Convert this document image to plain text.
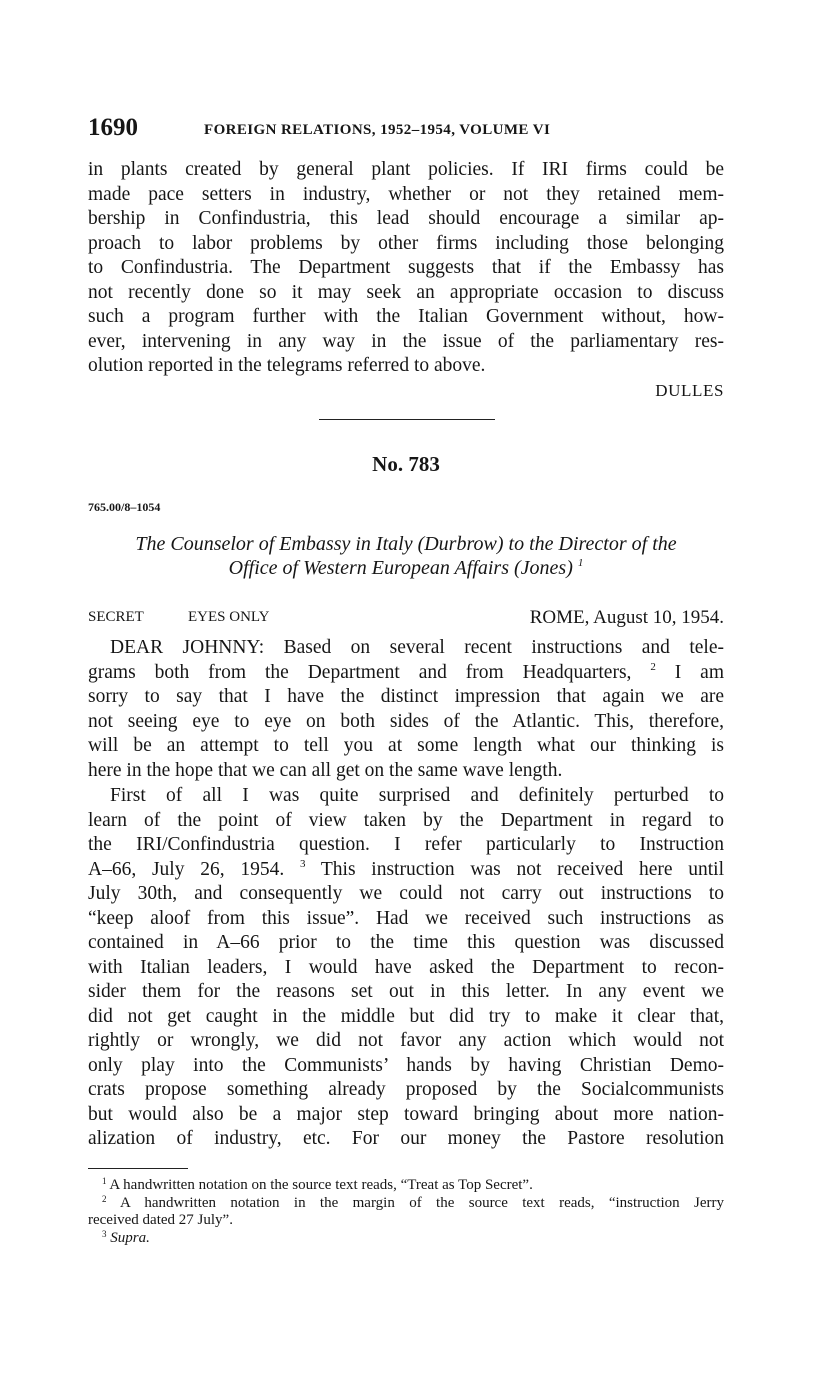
1690	FOREIGN RELATIONS, 1952–1954, VOLUME VI
in plants created by general plant policies. If IRI firms could be
made pace setters in industry, whether or not they retained mem-
bership in Confindustria, this lead should encourage a similar ap-
proach to labor problems by other firms including those belonging
to Confindustria. The Department suggests that if the Embassy has
not recently done so it may seek an appropriate occasion to discuss
such a program further with the Italian Government without, how-
ever, intervening in any way in the issue of the parliamentary res-
olution reported in the telegrams referred to above.
DULLES
No. 783
765.00/8–1054
The Counselor of Embassy in Italy (Durbrow) to the Director of the
Office of Western European Affairs (Jones) $^1$
SECRET	EYES ONLY	ROME, August 10, 1954.
DEAR JOHNNY: Based on several recent instructions and tele-
grams both from the Department and from Headquarters, $^2$ I am
sorry to say that I have the distinct impression that again we are
not seeing eye to eye on both sides of the Atlantic. This, therefore,
will be an attempt to tell you at some length what our thinking is
here in the hope that we can all get on the same wave length.
First of all I was quite surprised and definitely perturbed to
learn of the point of view taken by the Department in regard to
the IRI/Confindustria question. I refer particularly to Instruction
A–66, July 26, 1954. $^3$ This instruction was not received here until
July 30th, and consequently we could not carry out instructions to
“keep aloof from this issue”. Had we received such instructions as
contained in A–66 prior to the time this question was discussed
with Italian leaders, I would have asked the Department to recon-
sider them for the reasons set out in this letter. In any event we
did not get caught in the middle but did try to make it clear that,
rightly or wrongly, we did not favor any action which would not
only play into the Communists’ hands by having Christian Demo-
crats propose something already proposed by the Socialcommunists
but would also be a major step toward bringing about more nation-
alization of industry, etc. For our money the Pastore resolution
$^1$ A handwritten notation on the source text reads, “Treat as Top Secret”.
$^2$ A handwritten notation in the margin of the source text reads, “instruction Jerry
received dated 27 July”.
$^3$ Supra.
